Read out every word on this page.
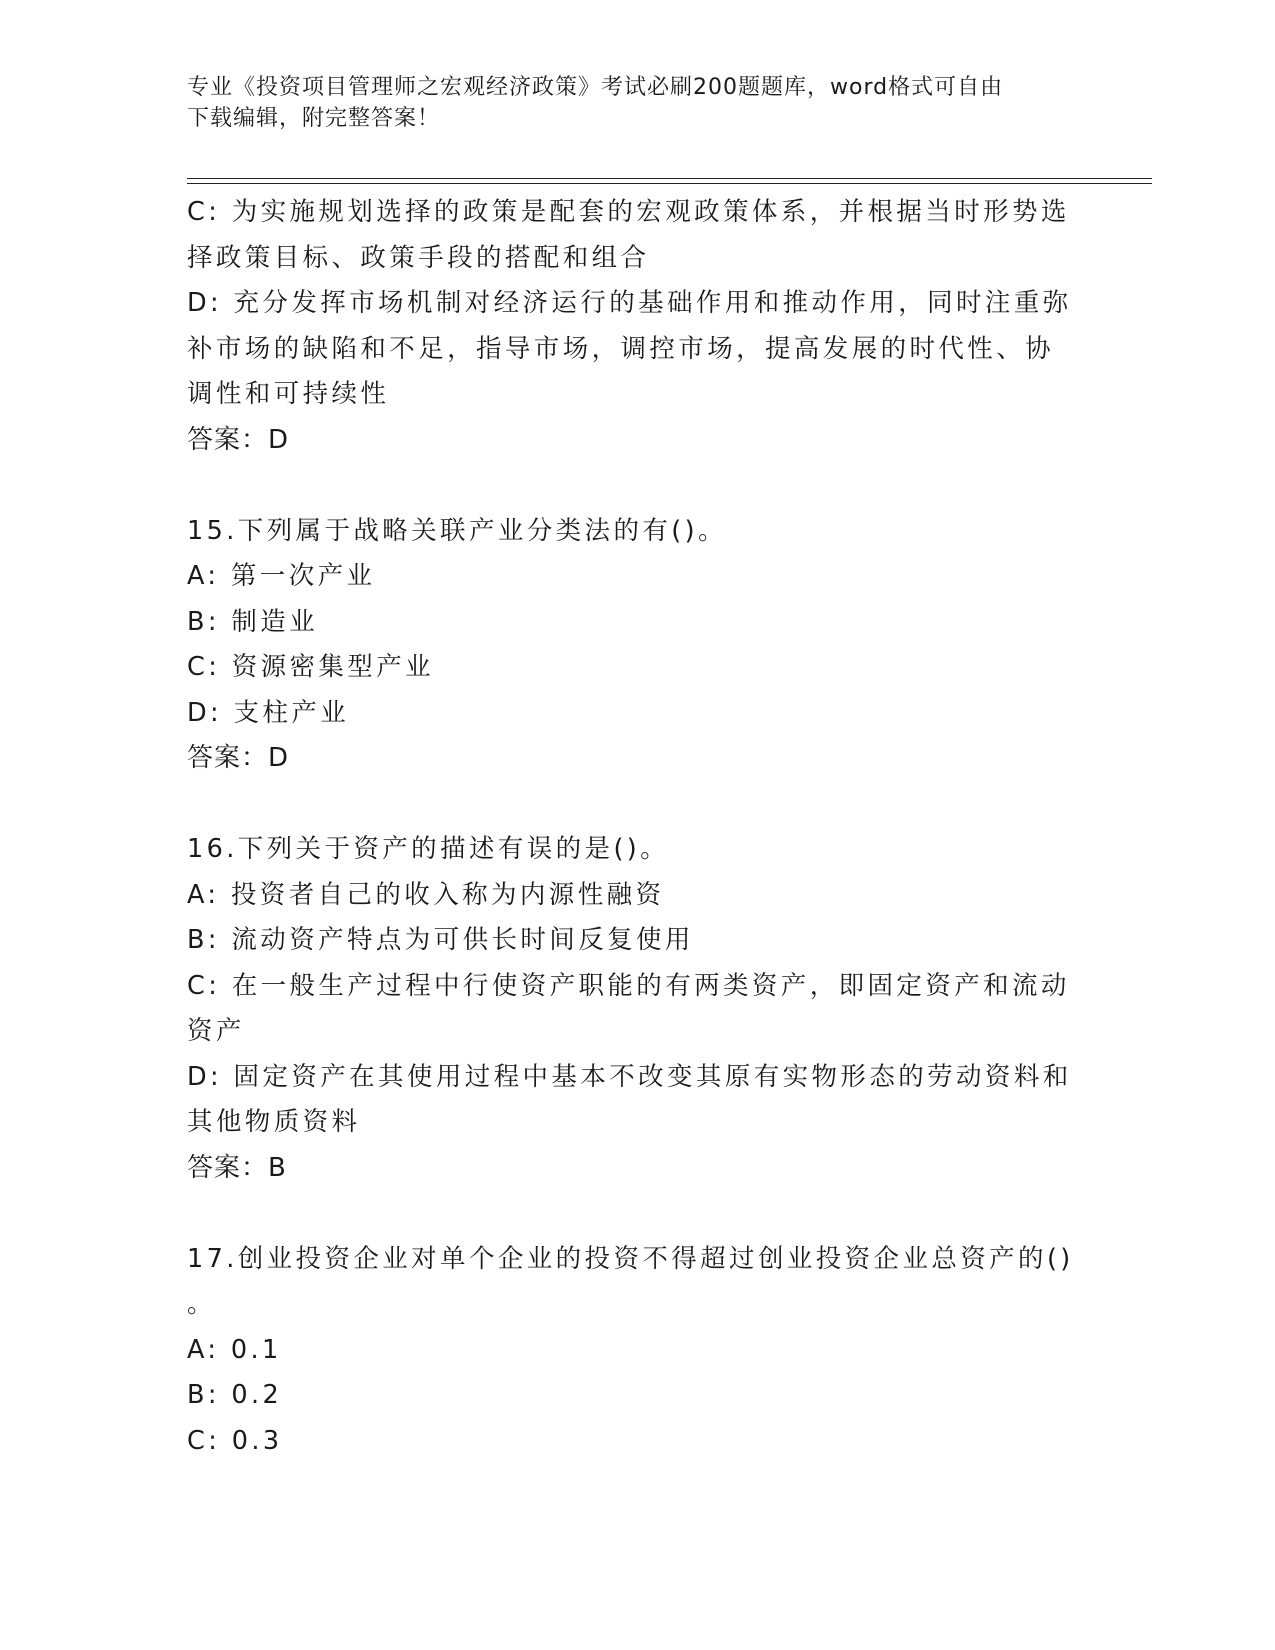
专业《投资项目管理师之宏观经济政策》考试必刷200题题库，word格式可自由
下载编辑，附完整答案！
C: 为实施规划选择的政策是配套的宏观政策体系，并根据当时形势选
择政策目标、政策手段的搭配和组合
D: 充分发挥市场机制对经济运行的基础作用和推动作用，同时注重弥
补市场的缺陷和不足，指导市场，调控市场，提高发展的时代性、协
调性和可持续性
答案：D
15.下列属于战略关联产业分类法的有()。
A: 第一次产业
B: 制造业
C: 资源密集型产业
D: 支柱产业
答案：D
16.下列关于资产的描述有误的是()。
A: 投资者自己的收入称为内源性融资
B: 流动资产特点为可供长时间反复使用
C: 在一般生产过程中行使资产职能的有两类资产，即固定资产和流动
资产
D: 固定资产在其使用过程中基本不改变其原有实物形态的劳动资料和
其他物质资料
答案：B
17.创业投资企业对单个企业的投资不得超过创业投资企业总资产的()
。
A: 0.1
B: 0.2
C: 0.3
